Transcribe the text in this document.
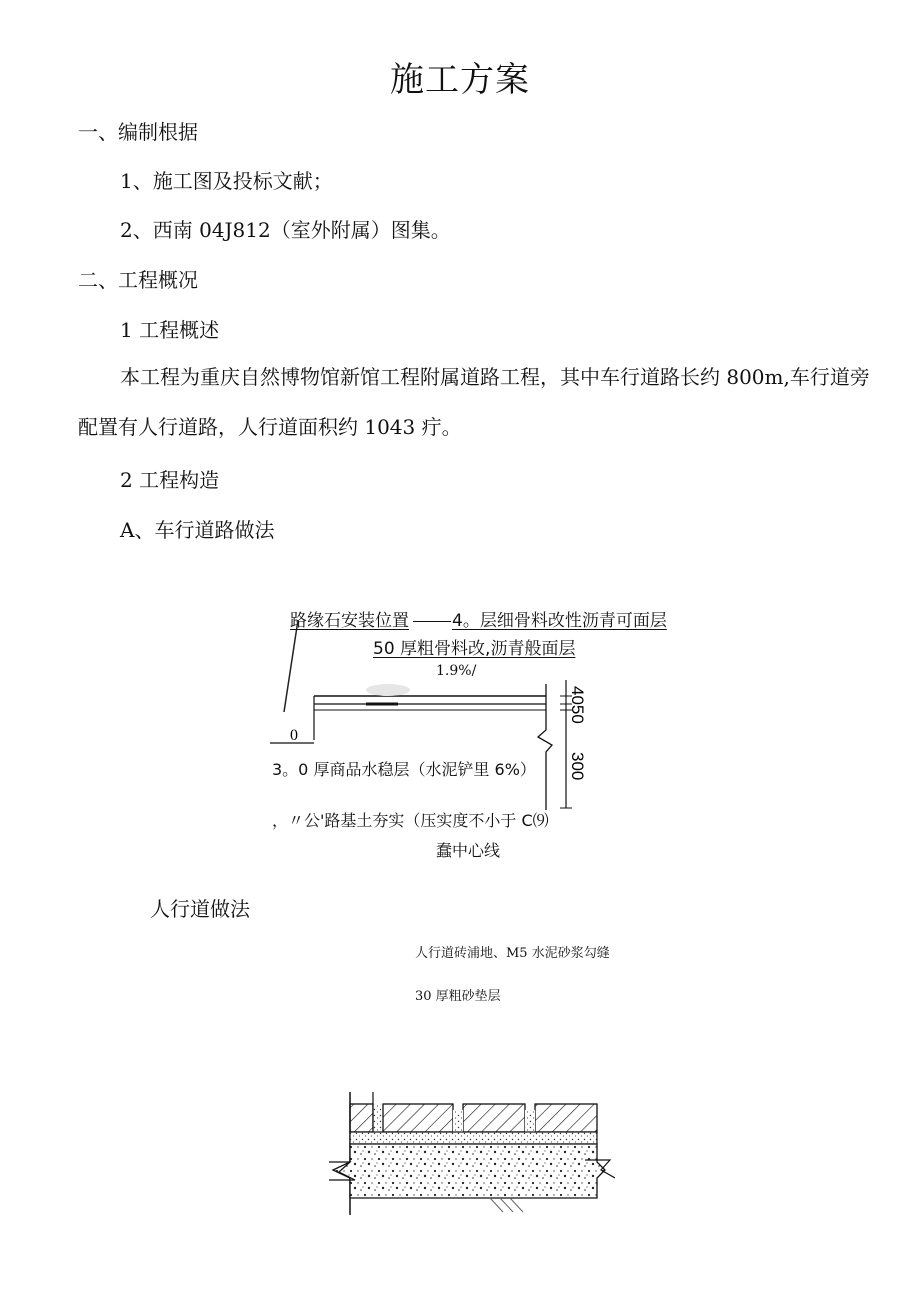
施工方案
一、编制根据
1、施工图及投标文献；
2、西南 04J812（室外附属）图集。
二、工程概况
1 工程概述
本工程为重庆自然博物馆新馆工程附属道路工程，其中车行道路长约 800m,车行道旁配置有人行道路，人行道面积约 1043 疔。
2 工程构造
A、车行道路做法
4050
300
0
路缘石安装位置	4。层细骨料改性沥青可面层
50 厚粗骨料改,沥青般面层
1.9%/
3。0 厚商品水稳层（水泥铲里 6%）
，〃公'路基土夯实（压实度不小于 C⑼
蠢中心线
人行道做法
人行道砖浦地、M5 水泥砂浆勾缝
30 厚粗砂垫层
